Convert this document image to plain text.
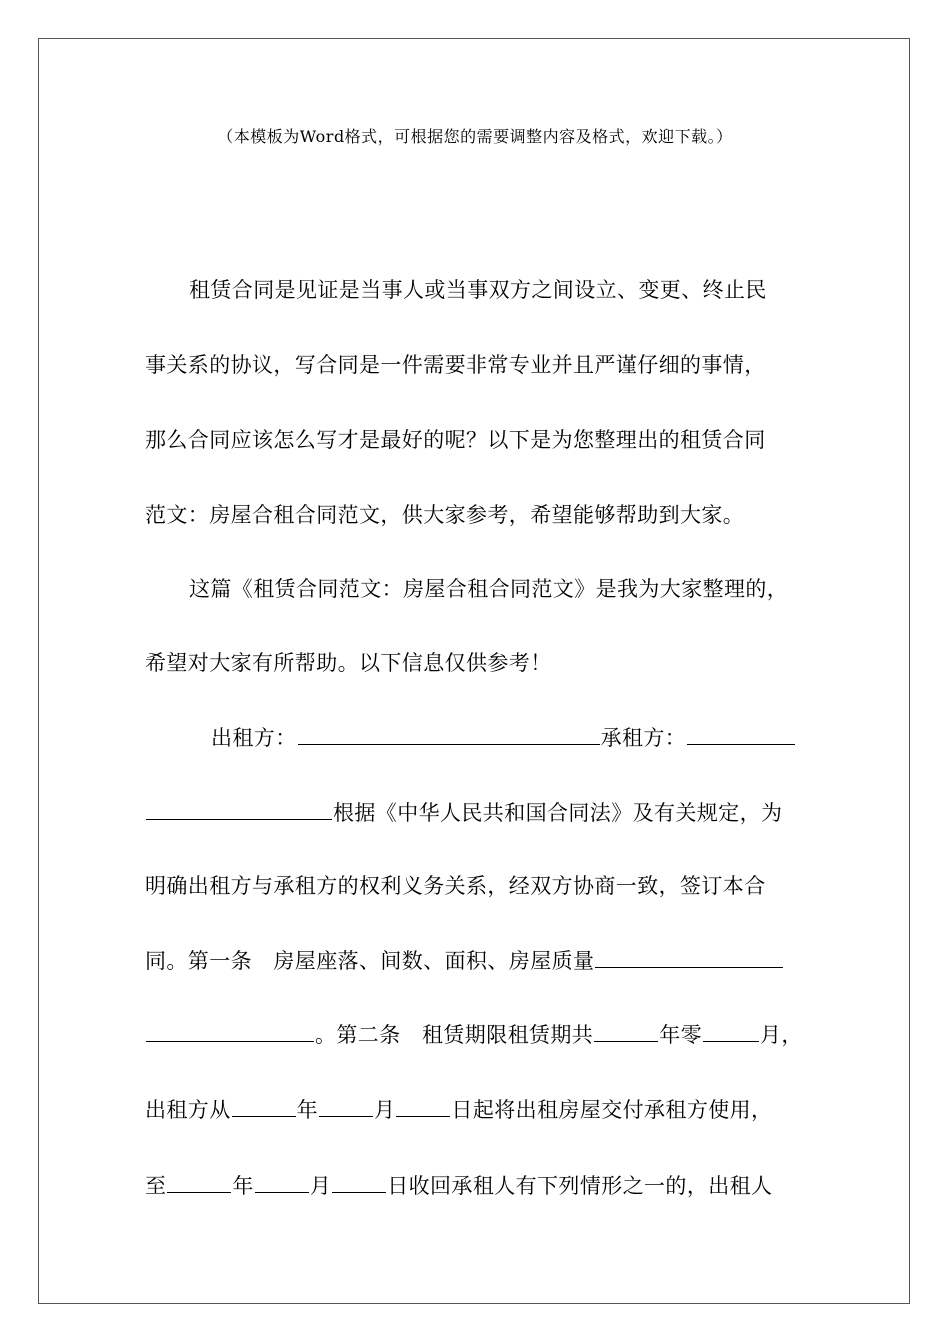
（本模板为Word格式，可根据您的需要调整内容及格式，欢迎下载。）
租赁合同是见证是当事人或当事双方之间设立、变更、终止民
事关系的协议，写合同是一件需要非常专业并且严谨仔细的事情，
那么合同应该怎么写才是最好的呢？以下是为您整理出的租赁合同
范文：房屋合租合同范文，供大家参考，希望能够帮助到大家。
这篇《租赁合同范文：房屋合租合同范文》是我为大家整理的，
希望对大家有所帮助。以下信息仅供参考！
出租方：	承租方：
根据《中华人民共和国合同法》及有关规定，为
明确出租方与承租方的权利义务关系，经双方协商一致，签订本合
同。第一条　房屋座落、间数、面积、房屋质量
。第二条　租赁期限租赁期共	年零	月，
出租方从	年	月	日起将出租房屋交付承租方使用，
至	年	月	日收回承租人有下列情形之一的，出租人
